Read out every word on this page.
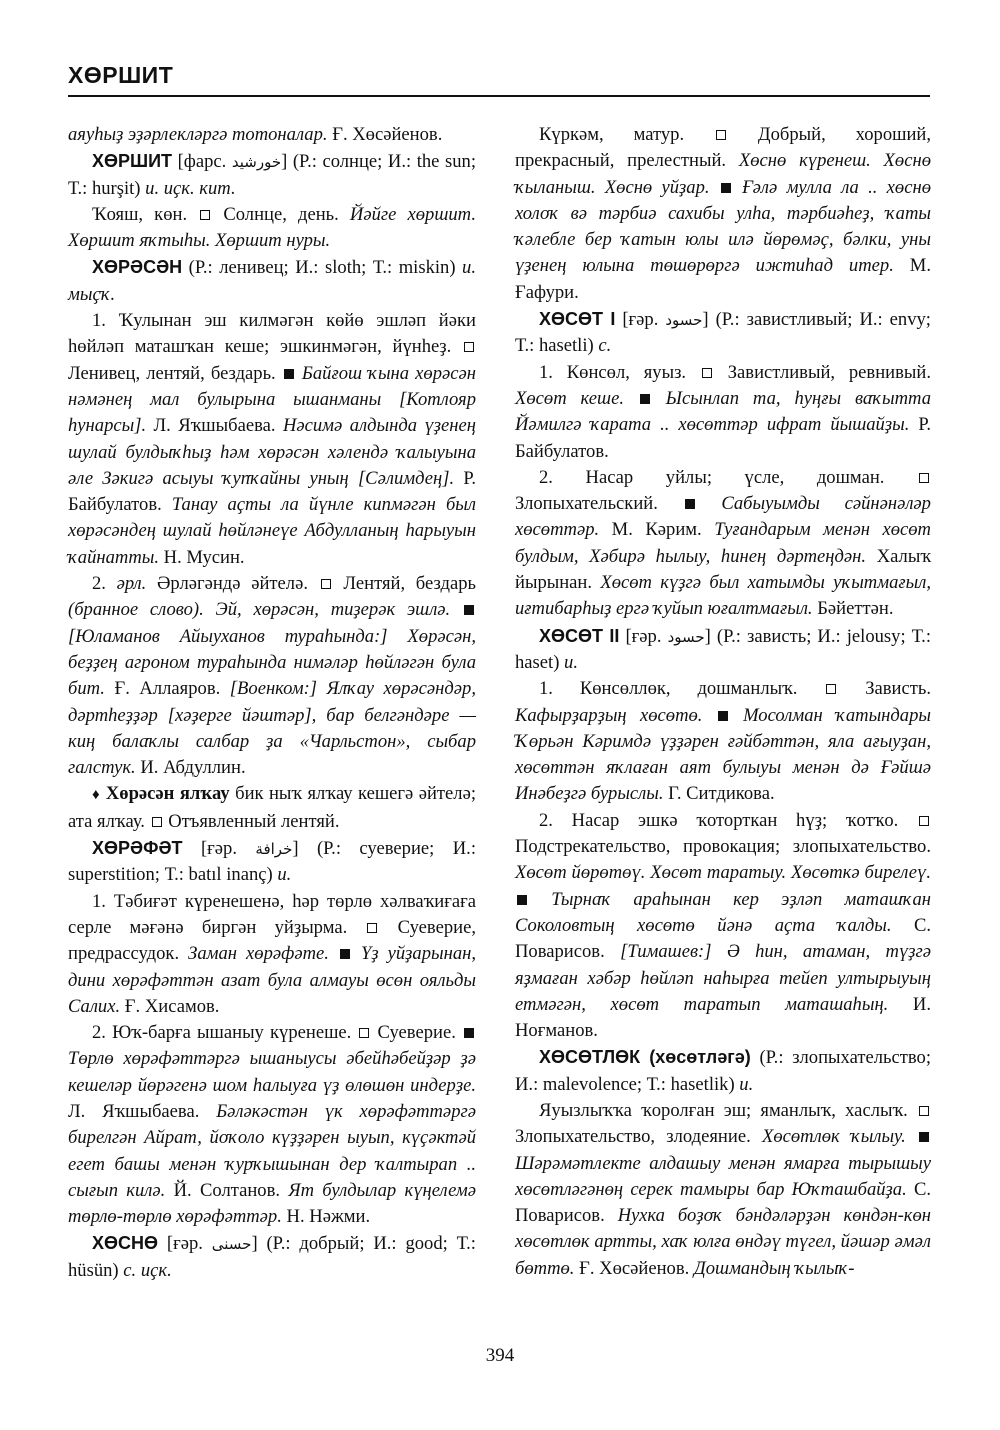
ХӨРШИТ

аяуһыҙ эҙәрлекләргә тотоналар. Ғ. Хөсәйенов.

ХӨРШИТ [фарс. خورشيد] (Р.: солнце; И.: the sun; Т.: hurşit) и. иҫк. кит.

Ҡояш, көн.  Солнце, день. Йәйге хөршит. Хөршит яҡтыһы. Хөршит нуры.

ХӨРӘСӘН (Р.: ленивец; И.: sloth; Т.: miskin) и. мыҫҡ.

1. Ҡулынан эш килмәгән көйө эшләп йәки һөйләп маташҡан кеше; эшкинмәгән, йүнһеҙ.  Ленивец, лентяй, бездарь.  Байғош ҡына хөрәсән нәмәнең мал булырына ышанманы [Котлояр һунарсы]. Л. Яҡшыбаева. Нәсимә алдында үҙенең шулай булдыҡһыҙ һәм хөрәсән хәлендә ҡалыуына әле Зәкигә асыуы ҡупҡайны уның [Сәлимдең]. Р. Байбулатов. Танау аҫты ла йүнле кипмәгән был хөрәсәндең шулай һөйләнеүе Абдулланың һарыуын ҡайнатты. Н. Мусин.

2. әрл. Әрләгәндә әйтелә.  Лентяй, бездарь (бранное слово). Эй, хөрәсән, тиҙерәк эшлә.  [Юламанов Айыуханов тураһында:] Хөрәсән, беҙҙең агроном тураһында нимәләр һөйләгән була бит. Ғ. Аллаяров. [Военком:] Ялҡау хөрәсәндәр, дәртһеҙҙәр [хәҙерге йәштәр], бар белгәндәре — киң балаҡлы салбар ҙа «Чарльстон», сыбар галстук. И. Абдуллин.

♦ Хөрәсән ялҡау бик ныҡ ялҡау кешегә әйтелә; ата ялҡау.  Отъявленный лентяй.

ХӨРӘФӘТ [ғәр. خرافة] (Р.: суеверие; И.: superstition; Т.: batıl inanç) и.

1. Тәбиғәт күренешенә, һәр төрлө хәлваҡиғаға серле мәғәнә биргән уйҙырма.  Суеверие, предрассудок. Заман хөрәфәте.  Үҙ уйҙарынан, дини хөрәфәттән азат була алмауы өсөн ояльды Салих. Ғ. Хисамов.

2. Юҡ-барға ышаныу күренеше.  Суеверие.  Төрлө хөрәфәттәргә ышаныусы әбейһәбейҙәр ҙә кешеләр йөрәгенә шом һалыуға үҙ өлөшөн индерҙе. Л. Яҡшыбаева. Бәләкәстән үк хөрәфәттәргә бирелгән Айрат, йоҡоло күҙҙәрен ыуып, күҫәктәй егет башы менән ҡурҡышынан дер ҡалтырап .. сығып килә. Й. Солтанов. Ят булдылар күңелемә төрлө-төрлө хөрәфәттәр. Н. Нәжми.

ХӨСНӨ [ғәр. حسنى] (Р.: добрый; И.: good; Т.: hüsün) с. иҫк.

Күркәм, матур.  Добрый, хороший, прекрасный, прелестный. Хөснө күренеш. Хөснө ҡыланыш. Хөснө уйҙар.  Ғәлә мулла ла .. хөснө холоҡ вә тәрбиә сахибы улһа, тәрбиәһеҙ, ҡаты ҡәлебле бер ҡатын юлы илә йөрөмәҫ, бәлки, уны үҙенең юлына төшөрөргә ижтиһад итер. М. Ғафури.

ХӨСӨТ I [ғәр. حسود] (Р.: завистливый; И.: envy; Т.: hasetli) с.

1. Көнсөл, яуыз.  Завистливый, ревнивый. Хөсөт кеше.  Ысынлап та, һуңғы ваҡытта Йәмилгә ҡарата .. хөсөттәр ифрат йышайҙы. Р. Байбулатов.

2. Насар уйлы; үсле, дошман.  Злопыхательский.  Сабыуымды сәйнәнәләр хөсөттәр. М. Кәрим. Туғандарым менән хөсөт булдым, Хәбирә һылыу, һинең дәртеңдән. Халыҡ йырынан. Хөсөт күҙгә был хатымды уҡытмағыл, иғтибарһыҙ ергә ҡуйып юғалтмағыл. Бәйеттән.

ХӨСӨТ II [ғәр. حسود] (Р.: зависть; И.: jelousy; Т.: haset) и.

1. Көнсөллөк, дошманлыҡ.  Зависть. Кафырҙарҙың хөсөтө.  Мосолман ҡатындары Ҡөрьән Кәримдә үҙҙәрен ғәйбәттән, яла ағыуҙан, хөсөттән яҡлаған аят булыуы менән дә Ғәйшә Инәбеҙгә бурыслы. Г. Ситдикова.

2. Насар эшкә ҡоторткан һүҙ; ҡотҡо.  Подстрекательство, провокация; злопыхательство. Хөсөт йөрөтөү. Хөсөт таратыу. Хөсөткә бирелеү.  Тырнаҡ араһынан кер эҙләп маташҡан Соколовтың хөсөтө йәнә аҫта ҡалды. С. Поварисов. [Тимашев:] Ә һин, атаман, түҙгә яҙмаған хәбәр һөйләп наһырға тейеп ултырыуың етмәгән, хөсөт таратып маташаһың. И. Ноғманов.

ХӨСӨТЛӨК (хөсөтләгә) (Р.: злопыхательство; И.: malevolence; Т.: hasetlik) и.

Яуызлыҡҡа ҡоролған эш; яманлыҡ, хаслыҡ.  Злопыхательство, злодеяние. Хөсөтлөк ҡылыу.  Шәрәмәтлекте алдашыу менән ямарға тырышыу хөсөтләгәнөң серек тамыры бар Юҡташбайҙа. С. Поварисов. Нухка боҙоҡ бәндәләрҙән көндән-көн хөсөтлөк артты, хаҡ юлға өндәү түгел, йәшәр әмәл бөттө. Ғ. Хөсәйенов. Дошмандың ҡылыҡ-

394
